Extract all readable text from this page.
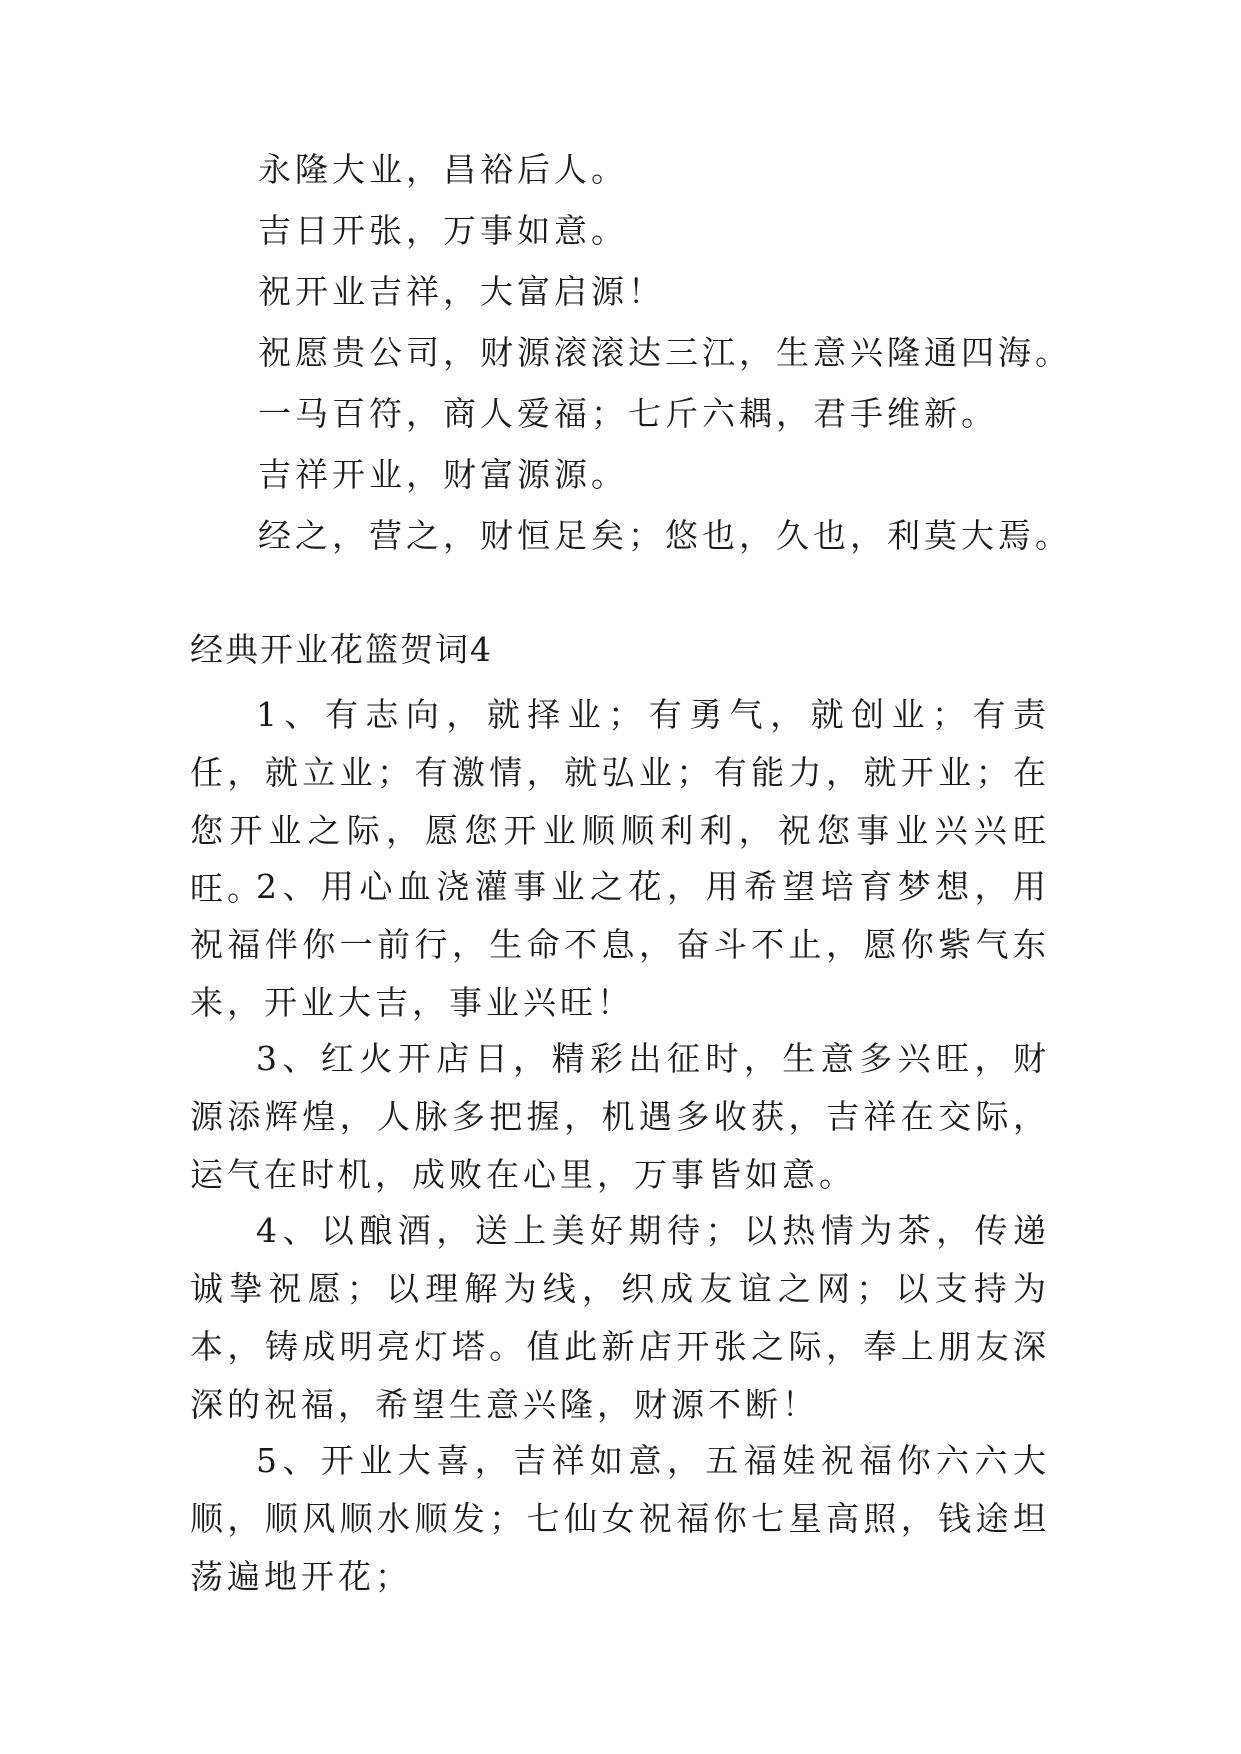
永隆大业，昌裕后人。
吉日开张，万事如意。
祝开业吉祥，大富启源！
祝愿贵公司，财源滚滚达三江，生意兴隆通四海。
一马百符，商人爱福；七斤六耦，君手维新。
吉祥开业，财富源源。
经之，营之，财恒足矣；悠也，久也，利莫大焉。
经典开业花篮贺词4

1、有志向，就择业；有勇气，就创业；有责任，就立业；有激情，就弘业；有能力，就开业；在您开业之际，愿您开业顺顺利利，祝您事业兴兴旺旺。

2、用心血浇灌事业之花，用希望培育梦想，用祝福伴你一前行，生命不息，奋斗不止，愿你紫气东来，开业大吉，事业兴旺！

3、红火开店日，精彩出征时，生意多兴旺，财源添辉煌，人脉多把握，机遇多收获，吉祥在交际，运气在时机，成败在心里，万事皆如意。

4、以酿酒，送上美好期待；以热情为茶，传递诚挚祝愿；以理解为线，织成友谊之网；以支持为本，铸成明亮灯塔。值此新店开张之际，奉上朋友深深的祝福，希望生意兴隆，财源不断！

5、开业大喜，吉祥如意，五福娃祝福你六六大顺，顺风顺水顺发；七仙女祝福你七星高照，钱途坦荡遍地开花；
